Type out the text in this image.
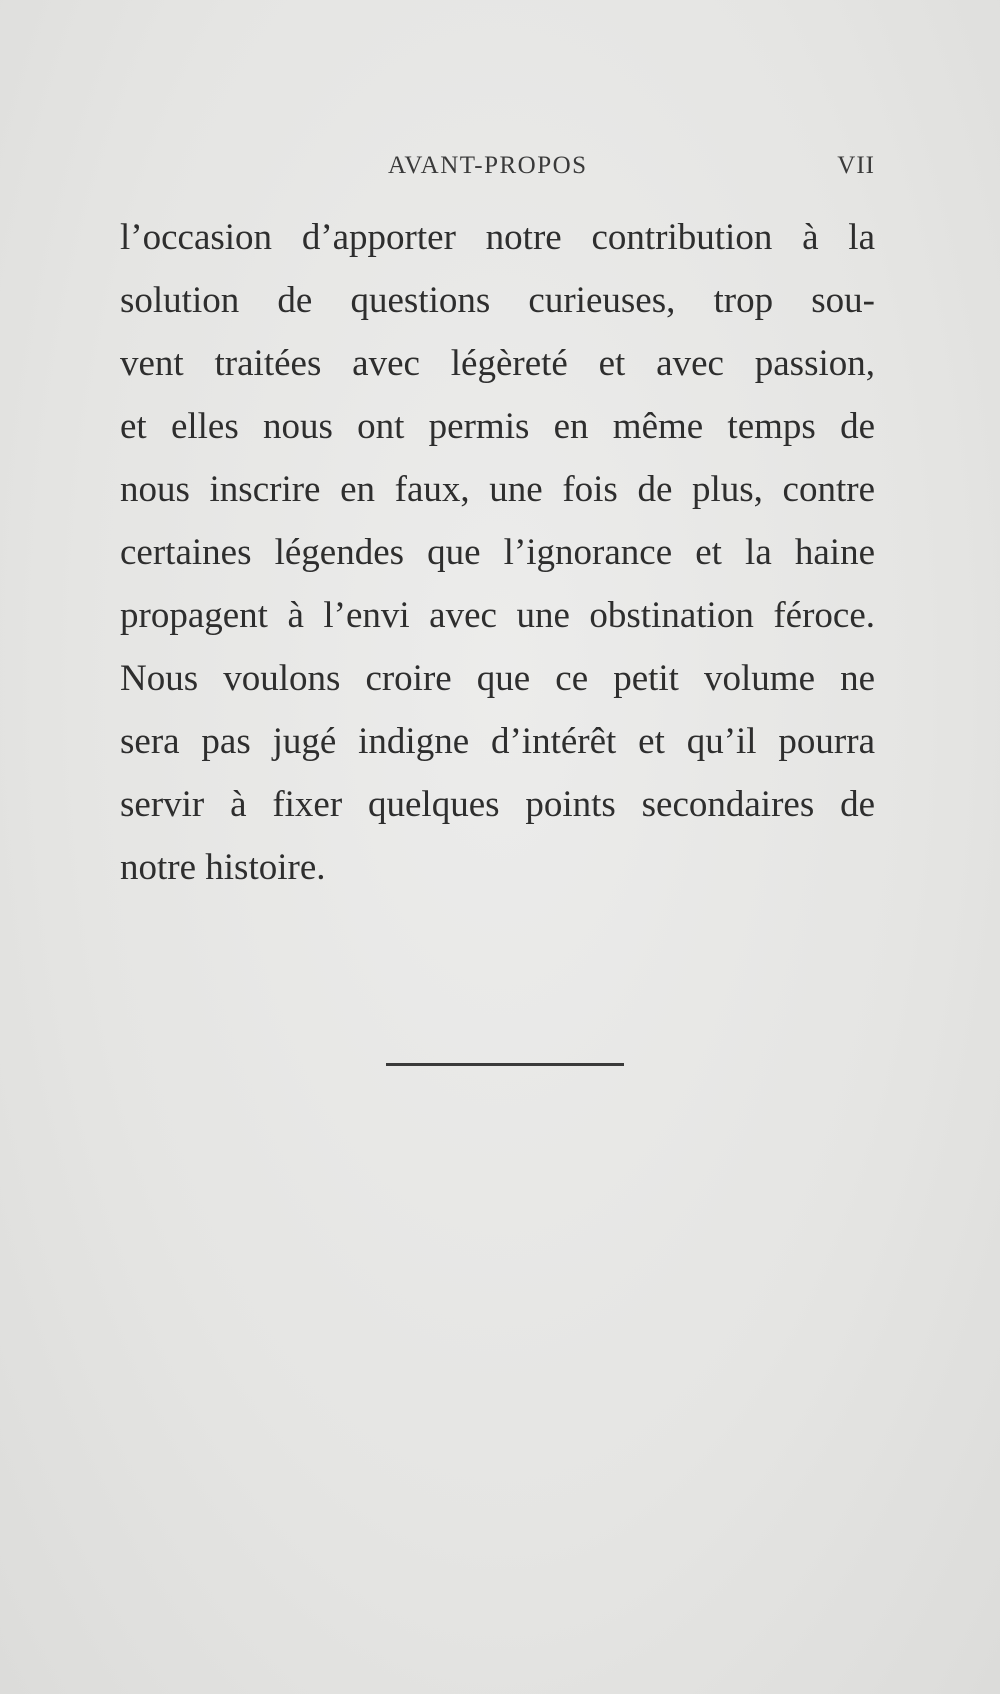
AVANT-PROPOS	VII
l’occasion d’apporter notre contribution à la
solution de questions curieuses, trop sou-
vent traitées avec légèreté et avec passion,
et elles nous ont permis en même temps de
nous inscrire en faux, une fois de plus, contre
certaines légendes que l’ignorance et la haine
propagent à l’envi avec une obstination féroce.
Nous voulons croire que ce petit volume ne
sera pas jugé indigne d’intérêt et qu’il pourra
servir à fixer quelques points secondaires de
notre histoire.
